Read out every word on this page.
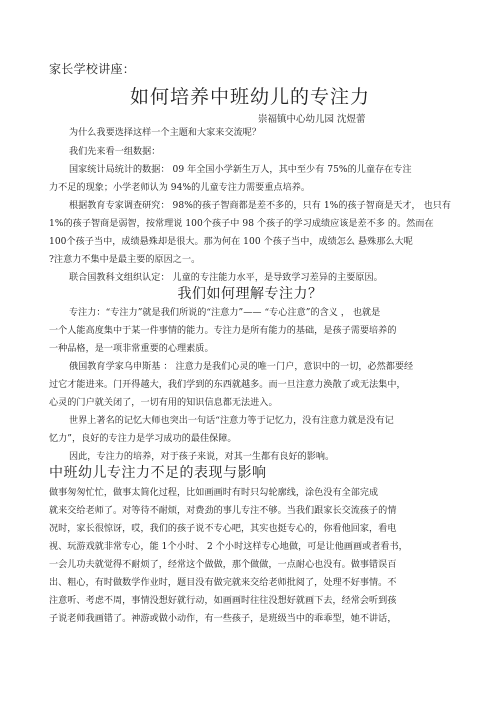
家长学校讲座：
如何培养中班幼儿的专注力
崇福镇中心幼儿园 沈煜蕾
为什么我要选择这样一个主题和大家来交流呢？
我们先来看一组数据：
国家统计局统计的数据： 09 年全国小学新生万人，其中至少有 75%的儿童存在专注
力不足的现象；小学老师认为 94%的儿童专注力需要重点培养。
根据教育专家调查研究： 98%的孩子智商都是差不多的，只有 1%的孩子智商是天才， 也只有
1%的孩子智商是弱智，按常理说 100个孩子中 98 个孩子的学习成绩应该是差不多 的。然而在
100个孩子当中，成绩悬殊却是很大。那为何在 100 个孩子当中，成绩怎么 悬殊那么大呢
?注意力不集中是最主要的原因之一。
联合国教科文组织认定： 儿童的专注能力水平，是导致学习差异的主要原因。
我们如何理解专注力？
专注力：“专注力”就是我们所说的“注意力”—— “专心注意”的含义 ， 也就是
一个人能高度集中于某一件事情的能力。专注力是所有能力的基础，是孩子需要培养的
一种品格，是一项非常重要的心理素质。
俄国教育学家乌申斯基 ： 注意力是我们心灵的唯一门户，意识中的一切，必然都要经
过它才能进来。门开得越大，我们学到的东西就越多。而一旦注意力涣散了或无法集中，
心灵的门户就关闭了，一切有用的知识信息都无法进入。
世界上著名的记忆大师也突出一句话“注意力等于记忆力，没有注意力就是没有记
忆力”，良好的专注力是学习成功的最佳保障。
因此，专注力的培养，对于孩子来说，对其一生都有良好的影响。
中班幼儿专注力不足的表现与影响
做事匆匆忙忙，做事太简化过程，比如画画时有时只勾轮廓线，涂色没有全部完成
就来交给老师了。对等待不耐烦，对费劲的事儿专注不够。当我们跟家长交流孩子的情
况时，家长很惊讶，哎，我们的孩子说不专心吧，其实也挺专心的，你看他回家，看电
视、玩游戏就非常专心，能 1个小时、 2 个小时这样专心地做，可是让他画画或者看书，
一会儿功夫就觉得不耐烦了，经常这个做做，那个做做，一点耐心也没有。做事错误百
出、粗心，有时做数学作业时，题目没有做完就来交给老师批阅了，处理不好事情。不
注意听、考虑不周，事情没想好就行动，如画画时往往没想好就画下去，经常会听到孩
子说老师我画错了。神游或做小动作，有一些孩子，是班级当中的乖乖型，她不讲话，
